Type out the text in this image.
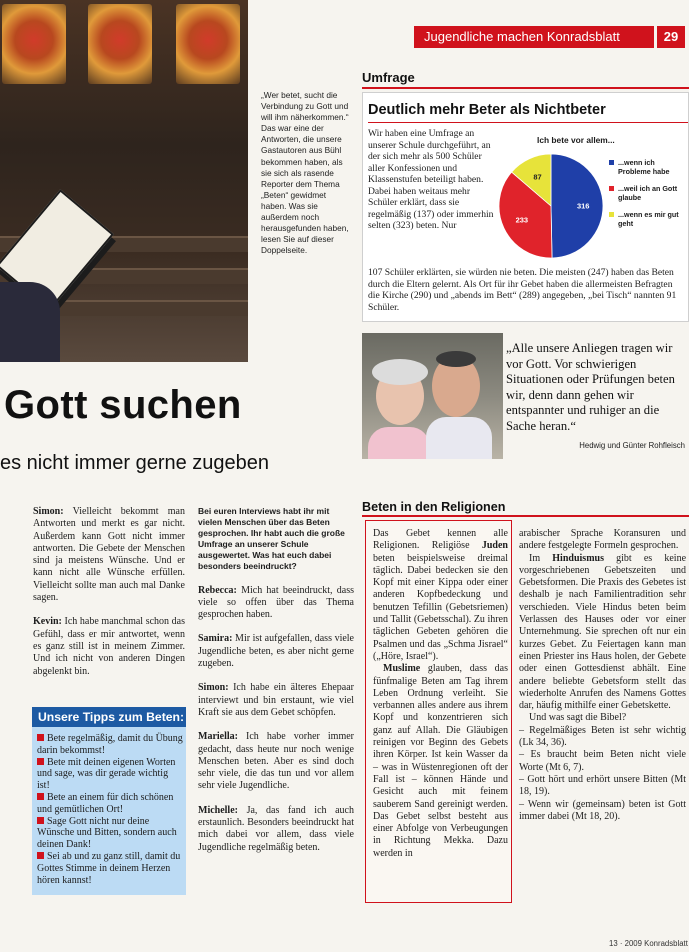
„Wer betet, sucht die Verbindung zu Gott und will ihm näherkommen.“ Das war eine der Antworten, die unsere Gastautoren aus Bühl bekommen haben, als sie sich als rasende Reporter dem Thema „Beten“ gewidmet haben. Was sie außerdem noch herausgefunden haben, lesen Sie auf dieser Doppelseite.
Jugendliche machen Konradsblatt	29
Umfrage
Deutlich mehr Beter als Nichtbeter
Wir haben eine Umfrage an unserer Schule durchgeführt, an der sich mehr als 500 Schüler aller Konfessionen und Klassenstufen beteiligt haben. Dabei haben weitaus mehr Schüler erklärt, dass sie regelmäßig (137) oder immerhin selten (323) beten. Nur
107 Schüler erklärten, sie würden nie beten. Die meisten (247) haben das Beten durch die Eltern gelernt. Als Ort für ihr Gebet haben die allermeisten Befragten die Kirche (290) und „abends im Bett“ (289) angegeben, „bei Tisch“ nannten 91 Schüler.
Ich bete vor allem...
316
233
87
...wenn ich Probleme habe
...weil ich an Gott glaube
...wenn es mir gut geht
„Alle unsere Anliegen tragen wir vor Gott. Vor schwierigen Situationen oder Prüfungen beten wir, denn dann gehen wir entspannter und ruhiger an die Sache heran.“
Hedwig und Günter Rohfleisch
Gott suchen
es nicht immer gerne zugeben

Simon: Vielleicht bekommt man Antworten und merkt es gar nicht. Außerdem kann Gott nicht immer antworten. Die Gebete der Menschen sind ja meistens Wünsche. Und er kann nicht alle Wünsche erfüllen. Vielleicht sollte man auch mal Danke sagen.

Kevin: Ich habe manchmal schon das Gefühl, dass er mir antwortet, wenn es ganz still ist in meinem Zimmer. Und ich nicht von anderen Dingen abgelenkt bin.

Unsere Tipps zum Beten:
Bete regelmäßig, damit du Übung darin bekommst!
Bete mit deinen eigenen Worten und sage, was dir gerade wichtig ist!
Bete an einem für dich schönen und gemütlichen Ort!
Sage Gott nicht nur deine Wünsche und Bitten, sondern auch deinen Dank!
Sei ab und zu ganz still, damit du Gottes Stimme in deinem Herzen hören kannst!

Bei euren Interviews habt ihr mit vielen Menschen über das Beten gesprochen. Ihr habt auch die große Umfrage an unserer Schule ausgewertet. Was hat euch dabei besonders beeindruckt?

Rebecca: Mich hat beeindruckt, dass viele so offen über das Thema gesprochen haben.

Samira: Mir ist aufgefallen, dass viele Jugendliche beten, es aber nicht gerne zugeben.

Simon: Ich habe ein älteres Ehepaar interviewt und bin erstaunt, wie viel Kraft sie aus dem Gebet schöpfen.

Mariella: Ich habe vorher immer gedacht, dass heute nur noch wenige Menschen beten. Aber es sind doch sehr viele, die das tun und vor allem sehr viele Jugendliche.

Michelle: Ja, das fand ich auch erstaunlich. Besonders beeindruckt hat mich dabei vor allem, dass viele Jugendliche regelmäßig beten.

Beten in den Religionen
Das Gebet kennen alle Religionen. Religiöse Juden beten beispielsweise dreimal täglich. Dabei bedecken sie den Kopf mit einer Kippa oder einer anderen Kopfbedeckung und benutzen Tefillin (Gebetsriemen) und Tallit (Gebetsschal). Zu ihren täglichen Gebeten gehören die Psalmen und das „Schma Jisrael“ („Höre, Israel“).
Muslime glauben, dass das fünfmalige Beten am Tag ihrem Leben Ordnung verleiht. Sie verbannen alles andere aus ihrem Kopf und konzentrieren sich ganz auf Allah. Die Gläubigen reinigen vor Beginn des Gebets ihren Körper. Ist kein Wasser da – was in Wüstenregionen oft der Fall ist – können Hände und Gesicht auch mit feinem sauberem Sand gereinigt werden. Das Gebet selbst besteht aus einer Abfolge von Verbeugungen in Richtung Mekka. Dazu werden in
arabischer Sprache Koransuren und andere festgelegte Formeln gesprochen.
Im Hinduismus gibt es keine vorgeschriebenen Gebetszeiten und Gebetsformen. Die Praxis des Gebetes ist deshalb je nach Familientradition sehr verschieden. Viele Hindus beten beim Verlassen des Hauses oder vor einer Unternehmung. Sie sprechen oft nur ein kurzes Gebet. Zu Feiertagen kann man einen Priester ins Haus holen, der Gebete oder einen Gottesdienst abhält. Eine andere beliebte Gebetsform stellt das wiederholte Anrufen des Namens Gottes dar, häufig mithilfe einer Gebetskette.
Und was sagt die Bibel?
– Regelmäßiges Beten ist sehr wichtig (Lk 34, 36).
– Es braucht beim Beten nicht viele Worte (Mt 6, 7).
– Gott hört und erhört unsere Bitten (Mt 18, 19).
– Wenn wir (gemeinsam) beten ist Gott immer dabei (Mt 18, 20).
13 · 2009 Konradsblatt
